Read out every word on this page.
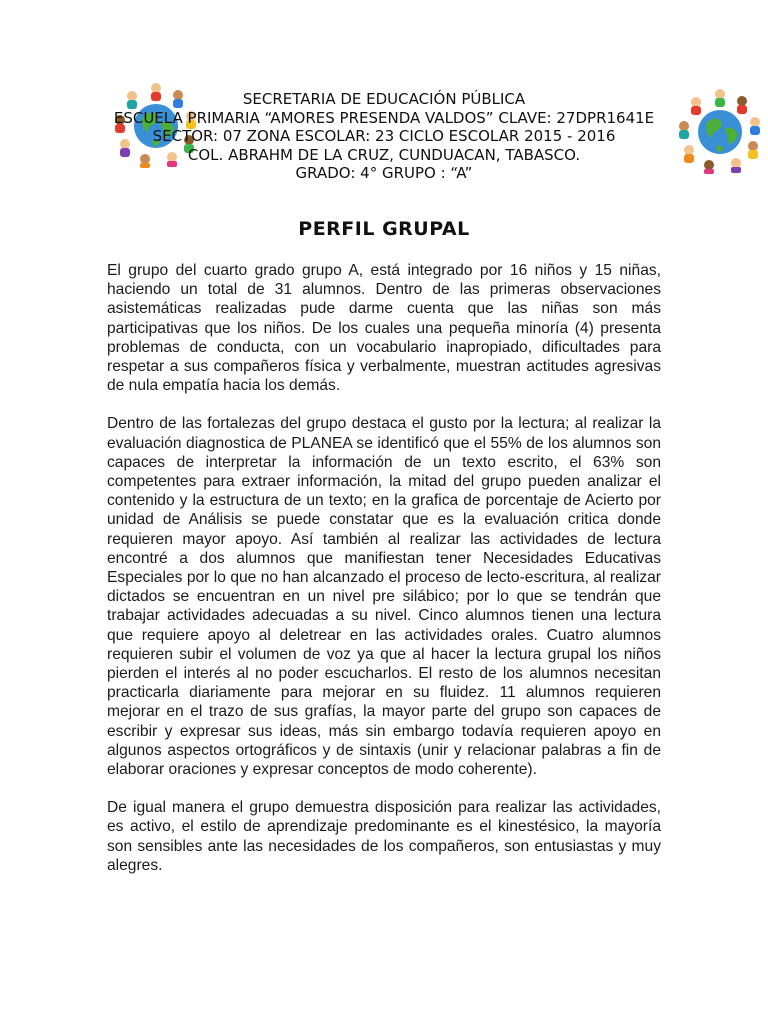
SECRETARIA DE EDUCACIÓN PÚBLICA
ESCUELA PRIMARIA “AMORES PRESENDA VALDOS” CLAVE: 27DPR1641E
SECTOR: 07 ZONA ESCOLAR: 23 CICLO ESCOLAR 2015 - 2016
COL. ABRAHM DE LA CRUZ, CUNDUACAN, TABASCO.
GRADO: 4° GRUPO : “A”
PERFIL GRUPAL

El grupo del cuarto grado grupo A, está integrado por 16 niños y 15 niñas, haciendo un total de 31 alumnos. Dentro de las primeras observaciones asistemáticas realizadas pude darme cuenta que las niñas son más participativas que los niños. De los cuales una pequeña minoría (4) presenta problemas de conducta, con un vocabulario inapropiado, dificultades para respetar a sus compañeros física y verbalmente, muestran actitudes agresivas de nula empatía hacia los demás.

Dentro de las fortalezas del grupo destaca el gusto por la lectura; al realizar la evaluación diagnostica de PLANEA se identificó que el 55% de los alumnos son capaces de interpretar la información de un texto escrito, el 63% son competentes para extraer información, la mitad del grupo pueden analizar el contenido y la estructura de un texto; en la grafica de porcentaje de Acierto por unidad de Análisis se puede constatar que es la evaluación critica donde requieren mayor apoyo. Así también al realizar las actividades de lectura encontré a dos alumnos que manifiestan tener Necesidades Educativas Especiales por lo que no han alcanzado el proceso de lecto-escritura, al realizar dictados se encuentran en un nivel pre silábico; por lo que se tendrán que trabajar actividades adecuadas a su nivel. Cinco alumnos tienen una lectura que requiere apoyo al deletrear en las actividades orales. Cuatro alumnos requieren subir el volumen de voz ya que al hacer la lectura grupal los niños pierden el interés al no poder escucharlos. El resto de los alumnos necesitan practicarla diariamente para mejorar en su fluidez. 11 alumnos requieren mejorar en el trazo de sus grafías, la mayor parte del grupo son capaces de escribir y expresar sus ideas, más sin embargo todavía requieren apoyo en algunos aspectos ortográficos y de sintaxis (unir y relacionar palabras a fin de elaborar oraciones y expresar conceptos de modo coherente).

De igual manera el grupo demuestra disposición para realizar las actividades, es activo, el estilo de aprendizaje predominante es el kinestésico, la mayoría son sensibles ante las necesidades de los compañeros, son entusiastas y muy alegres.
